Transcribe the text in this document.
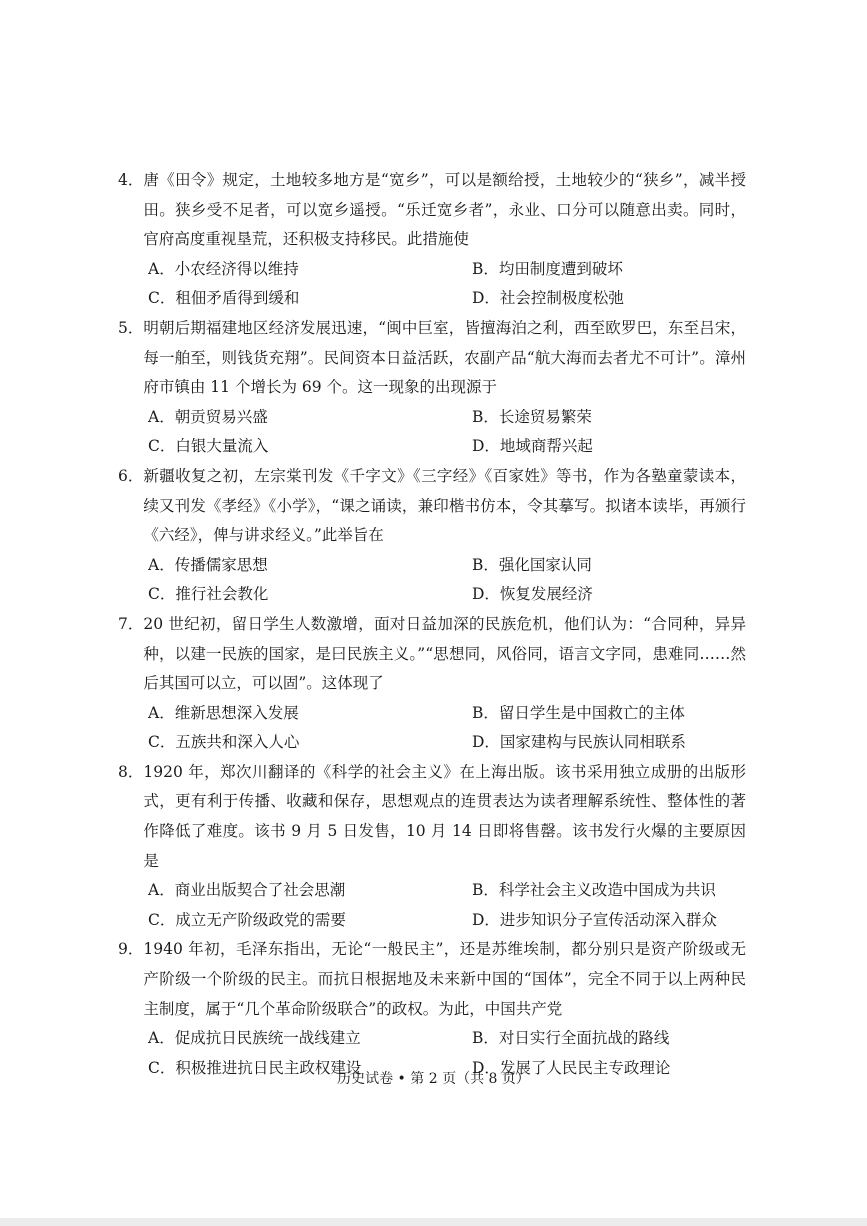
4． 唐《田令》规定，土地较多地方是“宽乡”，可以是额给授，土地较少的“狭乡”，减半授田。狭乡受不足者，可以宽乡遥授。“乐迁宽乡者”，永业、口分可以随意出卖。同时，官府高度重视垦荒，还积极支持移民。此措施使
A．小农经济得以维持	B．均田制度遭到破坏
C．租佃矛盾得到缓和	D．社会控制极度松弛
5． 明朝后期福建地区经济发展迅速，“闽中巨室，皆擅海泊之利，西至欧罗巴，东至吕宋，每一舶至，则钱货充翔”。民间资本日益活跃，农副产品“航大海而去者尤不可计”。漳州府市镇由 11 个增长为 69 个。这一现象的出现源于
A．朝贡贸易兴盛	B．长途贸易繁荣
C．白银大量流入	D．地域商帮兴起
6． 新疆收复之初，左宗棠刊发《千字文》《三字经》《百家姓》等书，作为各塾童蒙读本，续又刊发《孝经》《小学》，“课之诵读，兼印楷书仿本，令其摹写。拟诸本读毕，再颁行《六经》，俾与讲求经义。”此举旨在
A．传播儒家思想	B．强化国家认同
C．推行社会教化	D．恢复发展经济
7． 20 世纪初，留日学生人数激增，面对日益加深的民族危机，他们认为：“合同种，异异种，以建一民族的国家，是曰民族主义。”“思想同，风俗同，语言文字同，患难同……然后其国可以立，可以固”。这体现了
A．维新思想深入发展	B．留日学生是中国救亡的主体
C．五族共和深入人心	D．国家建构与民族认同相联系
8． 1920 年，郑次川翻译的《科学的社会主义》在上海出版。该书采用独立成册的出版形式，更有利于传播、收藏和保存，思想观点的连贯表达为读者理解系统性、整体性的著作降低了难度。该书 9 月 5 日发售，10 月 14 日即将售罄。该书发行火爆的主要原因是
A．商业出版契合了社会思潮	B．科学社会主义改造中国成为共识
C．成立无产阶级政党的需要	D．进步知识分子宣传活动深入群众
9． 1940 年初，毛泽东指出，无论“一般民主”，还是苏维埃制，都分别只是资产阶级或无产阶级一个阶级的民主。而抗日根据地及未来新中国的“国体”，完全不同于以上两种民主制度，属于“几个革命阶级联合”的政权。为此，中国共产党
A．促成抗日民族统一战线建立	B．对日实行全面抗战的路线
C．积极推进抗日民主政权建设	D．发展了人民民主专政理论
历史试卷 • 第 2 页（共 8 页）
